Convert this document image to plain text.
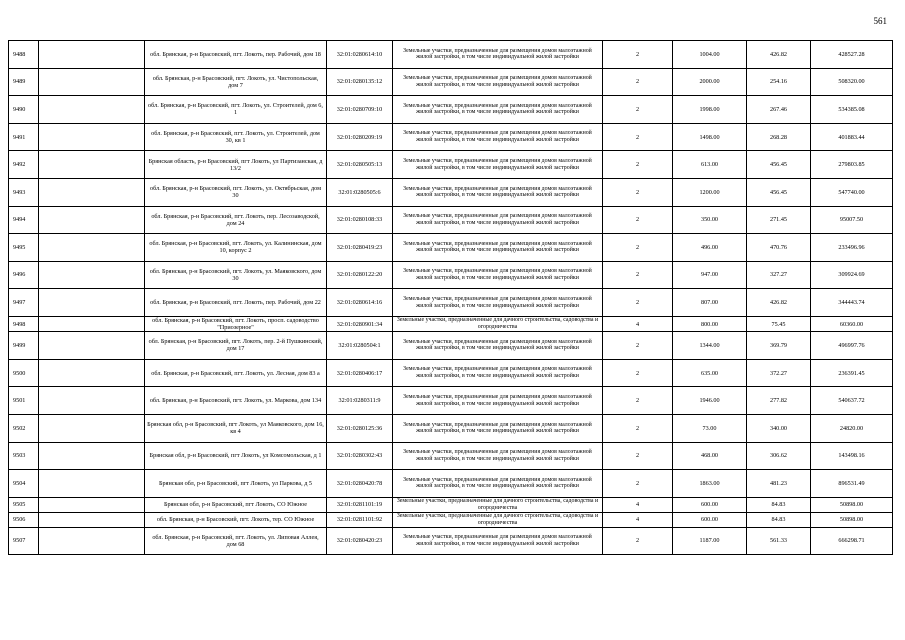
561
9488		обл. Брянская, р-н Брасовский, пгт. Локоть, пер. Рабочий, дом 18	32:01:0280614:10	Земельные участки, предназначенные для размещения домов малоэтажной жилой застройки, в том числе индивидуальной жилой застройки	2	1004.00	426.82	428527.28
9489		обл. Брянская, р-н Брасовский, пгт. Локоть, ул. Чистопольская, дом 7	32:01:0280135:12	Земельные участки, предназначенные для размещения домов малоэтажной жилой застройки, в том числе индивидуальной жилой застройки	2	2000.00	254.16	508320.00
9490		обл. Брянская, р-н Брасовский, пгт. Локоть, ул. Строителей, дом 6, 1	32:01:0280709:10	Земельные участки, предназначенные для размещения домов малоэтажной жилой застройки, в том числе индивидуальной жилой застройки	2	1998.00	267.46	534385.08
9491		обл. Брянская, р-н Брасовский, пгт. Локоть, ул. Строителей, дом 30, кв 1	32:01:0280209:19	Земельные участки, предназначенные для размещения домов малоэтажной жилой застройки, в том числе индивидуальной жилой застройки	2	1498.00	268.28	401883.44
9492		Брянская область, р-н Брасовский, пгт Локоть, ул Партизанская, д 13/2	32:01:0280505:13	Земельные участки, предназначенные для размещения домов малоэтажной жилой застройки, в том числе индивидуальной жилой застройки	2	613.00	456.45	279803.85
9493		обл. Брянская, р-н Брасовский, пгт. Локоть, ул. Октябрьская, дом 30	32:01:0280505:6	Земельные участки, предназначенные для размещения домов малоэтажной жилой застройки, в том числе индивидуальной жилой застройки	2	1200.00	456.45	547740.00
9494		обл. Брянская, р-н Брасовский, пгт. Локоть, пер. Лесозаводской, дом 24	32:01:0280108:33	Земельные участки, предназначенные для размещения домов малоэтажной жилой застройки, в том числе индивидуальной жилой застройки	2	350.00	271.45	95007.50
9495		обл. Брянская, р-н Брасовский, пгт. Локоть, ул. Калининская, дом 10, корпус 2	32:01:0280419:23	Земельные участки, предназначенные для размещения домов малоэтажной жилой застройки, в том числе индивидуальной жилой застройки	2	496.00	470.76	233496.96
9496		обл. Брянская, р-н Брасовский, пгт. Локоть, ул. Маяковского, дом 30	32:01:0280122:20	Земельные участки, предназначенные для размещения домов малоэтажной жилой застройки, в том числе индивидуальной жилой застройки	2	947.00	327.27	309924.69
9497		обл. Брянская, р-н Брасовский, пгт. Локоть, пер. Рабочий, дом 22	32:01:0280614:16	Земельные участки, предназначенные для размещения домов малоэтажной жилой застройки, в том числе индивидуальной жилой застройки	2	807.00	426.82	344443.74
9498		обл. Брянская, р-н Брасовский, пгт. Локоть, просп. садоводство "Приозерное"	32:01:0280901:34	Земельные участки, предназначенные для дачного строительства, садоводства и огородничества	4	800.00	75.45	60360.00
9499		обл. Брянская, р-н Брасовский, пгт. Локоть, пер. 2-й Пушкинский, дом 17	32:01:0280504:1	Земельные участки, предназначенные для размещения домов малоэтажной жилой застройки, в том числе индивидуальной жилой застройки	2	1344.00	369.79	496997.76
9500		обл. Брянская, р-н Брасовский, пгт. Локоть, ул. Лесная, дом 83 а	32:01:0280406:17	Земельные участки, предназначенные для размещения домов малоэтажной жилой застройки, в том числе индивидуальной жилой застройки	2	635.00	372.27	236391.45
9501		обл. Брянская, р-н Брасовский, пгт. Локоть, ул. Маркова, дом 134	32:01:0280311:9	Земельные участки, предназначенные для размещения домов малоэтажной жилой застройки, в том числе индивидуальной жилой застройки	2	1946.00	277.82	540637.72
9502		Брянская обл, р-н Брасовский, пгт Локоть, ул Маяковского, дом 16, кв 4	32:01:0280125:36	Земельные участки, предназначенные для размещения домов малоэтажной жилой застройки, в том числе индивидуальной жилой застройки	2	73.00	340.00	24820.00
9503		Брянская обл, р-н Брасовский, пгт Локоть, ул Комсомольская, д 1	32:01:0280302:43	Земельные участки, предназначенные для размещения домов малоэтажной жилой застройки, в том числе индивидуальной жилой застройки	2	468.00	306.62	143498.16
9504		Брянская обл, р-н Брасовский, пгт Локоть, ул Паркова, д 5	32:01:0280420:78	Земельные участки, предназначенные для размещения домов малоэтажной жилой застройки, в том числе индивидуальной жилой застройки	2	1863.00	481.23	896531.49
9505		Брянская обл, р-н Брасовский, пгт Локоть, СО Южное	32:01:0281101:19	Земельные участки, предназначенные для дачного строительства, садоводства и огородничества	4	600.00	84.83	50898.00
9506		обл. Брянская, р-н Брасовский, пгт. Локоть, тер. СО Южное	32:01:0281101:92	Земельные участки, предназначенные для дачного строительства, садоводства и огородничества	4	600.00	84.83	50898.00
9507		обл. Брянская, р-н Брасовский, пгт. Локоть, ул. Липовая Аллея, дом 68	32:01:0280420:23	Земельные участки, предназначенные для размещения домов малоэтажной жилой застройки, в том числе индивидуальной жилой застройки	2	1187.00	561.33	666298.71
